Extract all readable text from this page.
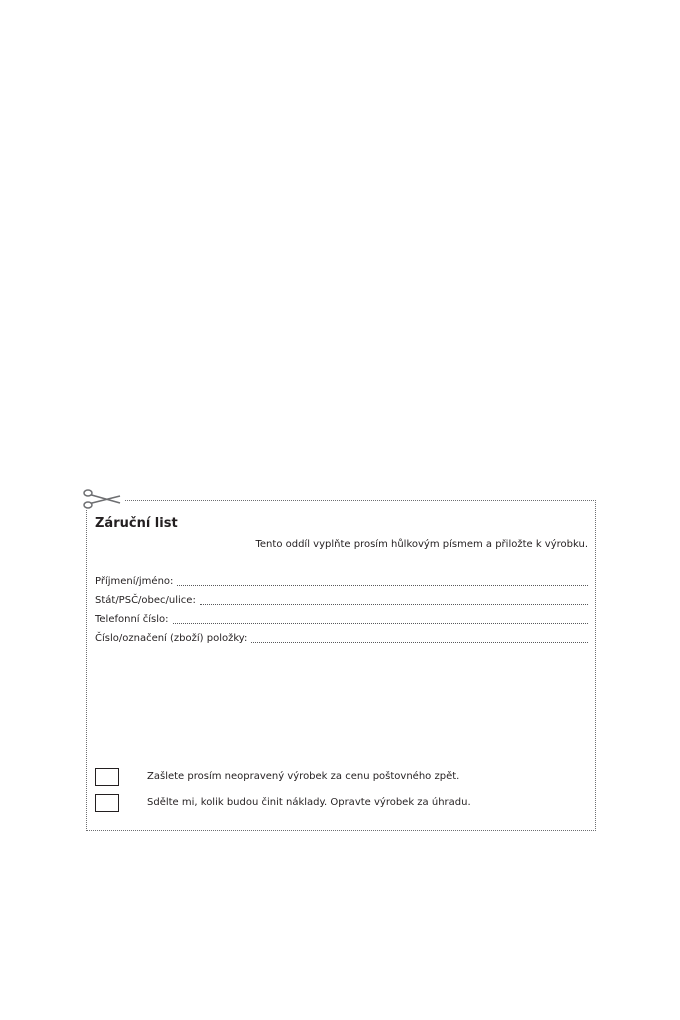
Záruční list
Tento oddíl vyplňte prosím hůlkovým písmem a přiložte k výrobku.
Příjmení/jméno:
Stát/PSČ/obec/ulice:
Telefonní číslo:
Číslo/označení (zboží) položky:
Zašlete prosím neopravený výrobek za cenu poštovného zpět.
Sdělte mi, kolik budou činit náklady. Opravte výrobek za úhradu.
